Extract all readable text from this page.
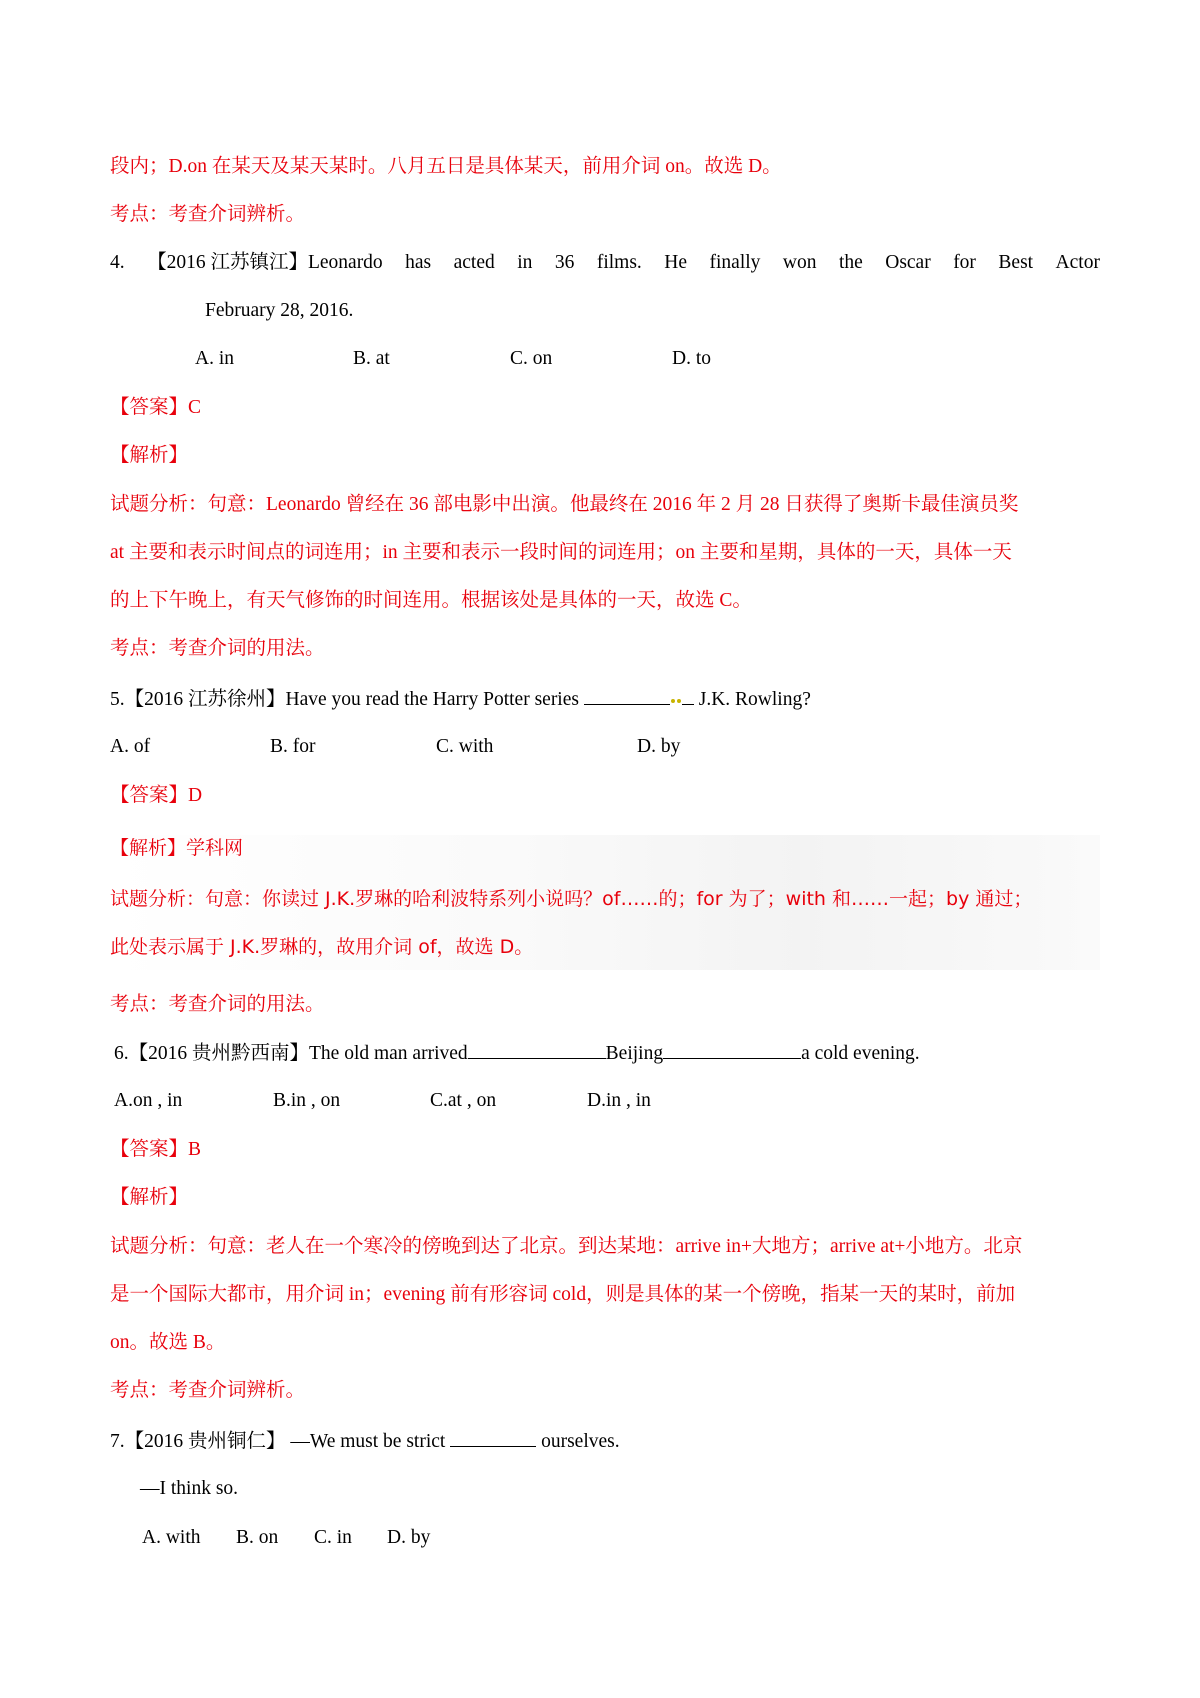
段内；D.on 在某天及某天某时。八月五日是具体某天，前用介词 on。故选 D。
考点：考查介词辨析。
4. 【2016 江苏镇江】Leonardo has acted in 36 films. He finally won the Oscar for Best Actor
February 28, 2016.
A. in	B. at	C. on	D. to
【答案】C
【解析】
试题分析：句意：Leonardo 曾经在 36 部电影中出演。他最终在 2016 年 2 月 28 日获得了奥斯卡最佳演员奖
at 主要和表示时间点的词连用；in 主要和表示一段时间的词连用；on 主要和星期，具体的一天，具体一天
的上下午晚上，有天气修饰的时间连用。根据该处是具体的一天，故选 C。
考点：考查介词的用法。
5.【2016 江苏徐州】Have you read the Harry Potter series	J.K. Rowling?
A. of	B. for	C. with	D. by
【答案】D
【解析】学科网
试题分析：句意：你读过 J.K.罗琳的哈利波特系列小说吗？of……的；for 为了；with 和……一起；by 通过；
此处表示属于 J.K.罗琳的，故用介词 of，故选 D。
考点：考查介词的用法。
6.【2016 贵州黔西南】The old man arrived	Beijing	a cold evening.
A.on , in	B.in , on	C.at , on	D.in , in
【答案】B
【解析】
试题分析：句意：老人在一个寒冷的傍晚到达了北京。到达某地：arrive in+大地方；arrive at+小地方。北京
是一个国际大都市，用介词 in；evening 前有形容词 cold，则是具体的某一个傍晚，指某一天的某时，前加
on。故选 B。
考点：考查介词辨析。
7.【2016 贵州铜仁】 —We must be strict	ourselves.
—I think so.
A. with B. on C. in D. by
